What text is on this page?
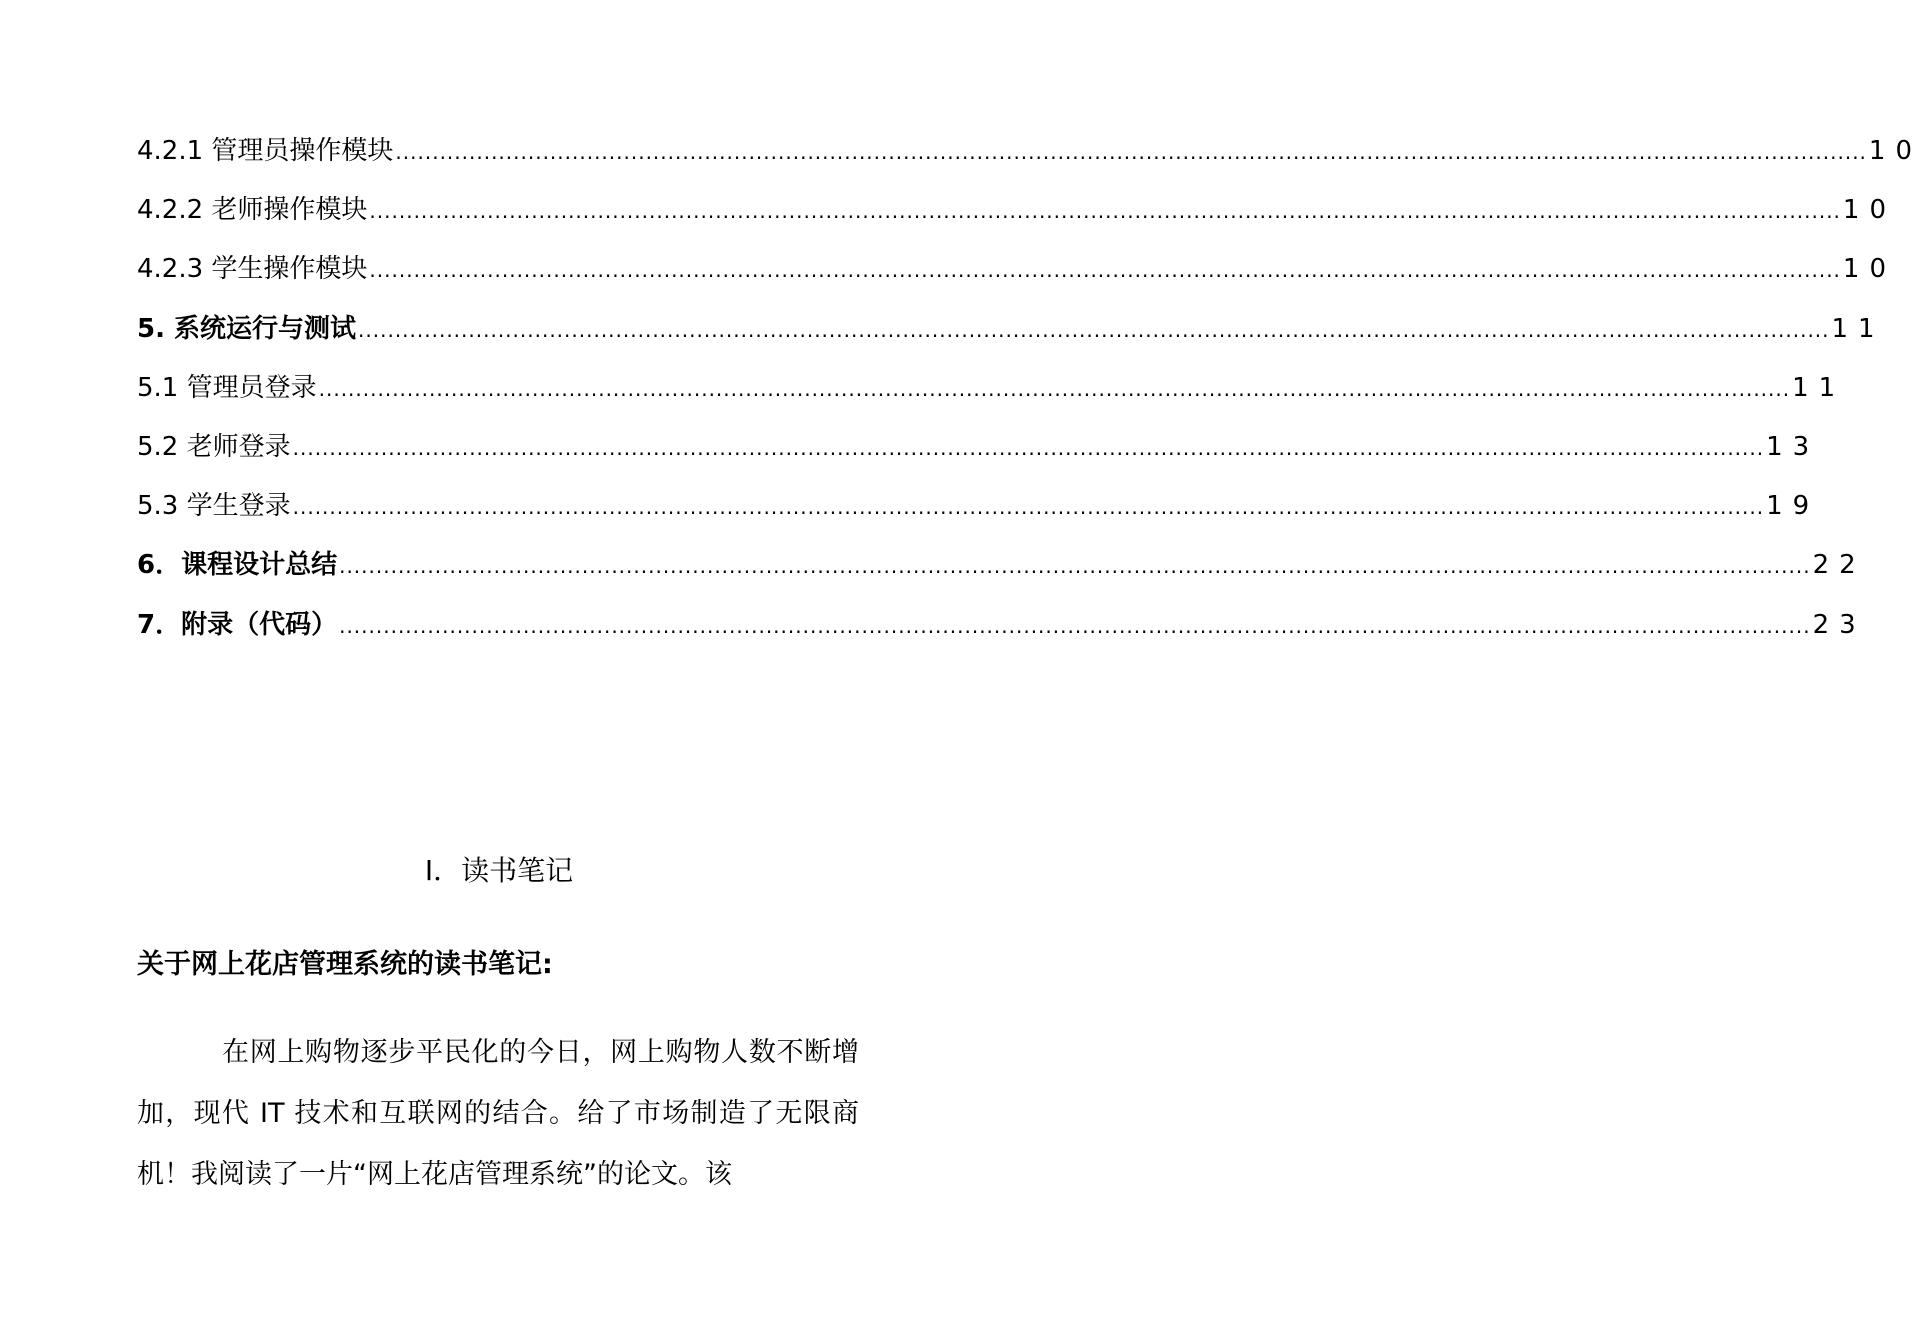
4.2.1 管理员操作模块 ........................................................................................................................................................................................................ 10
4.2.2 老师操作模块 ........................................................................................................................................................................................................ 10
4.2.3 学生操作模块 ........................................................................................................................................................................................................ 10
5. 系统运行与测试 ........................................................................................................................................................................................................ 11
5.1 管理员登录 ........................................................................................................................................................................................................ 11
5.2 老师登录 ........................................................................................................................................................................................................ 13
5.3 学生登录 ........................................................................................................................................................................................................ 19
6．课程设计总结 ........................................................................................................................................................................................................ 22
7．附录（代码） ........................................................................................................................................................................................................ 23
I．读书笔记
关于网上花店管理系统的读书笔记:
在网上购物逐步平民化的今日，网上购物人数不断增加，现代 IT 技术和互联网的结合。给了市场制造了无限商机！我阅读了一片“网上花店管理系统”的论文。该
